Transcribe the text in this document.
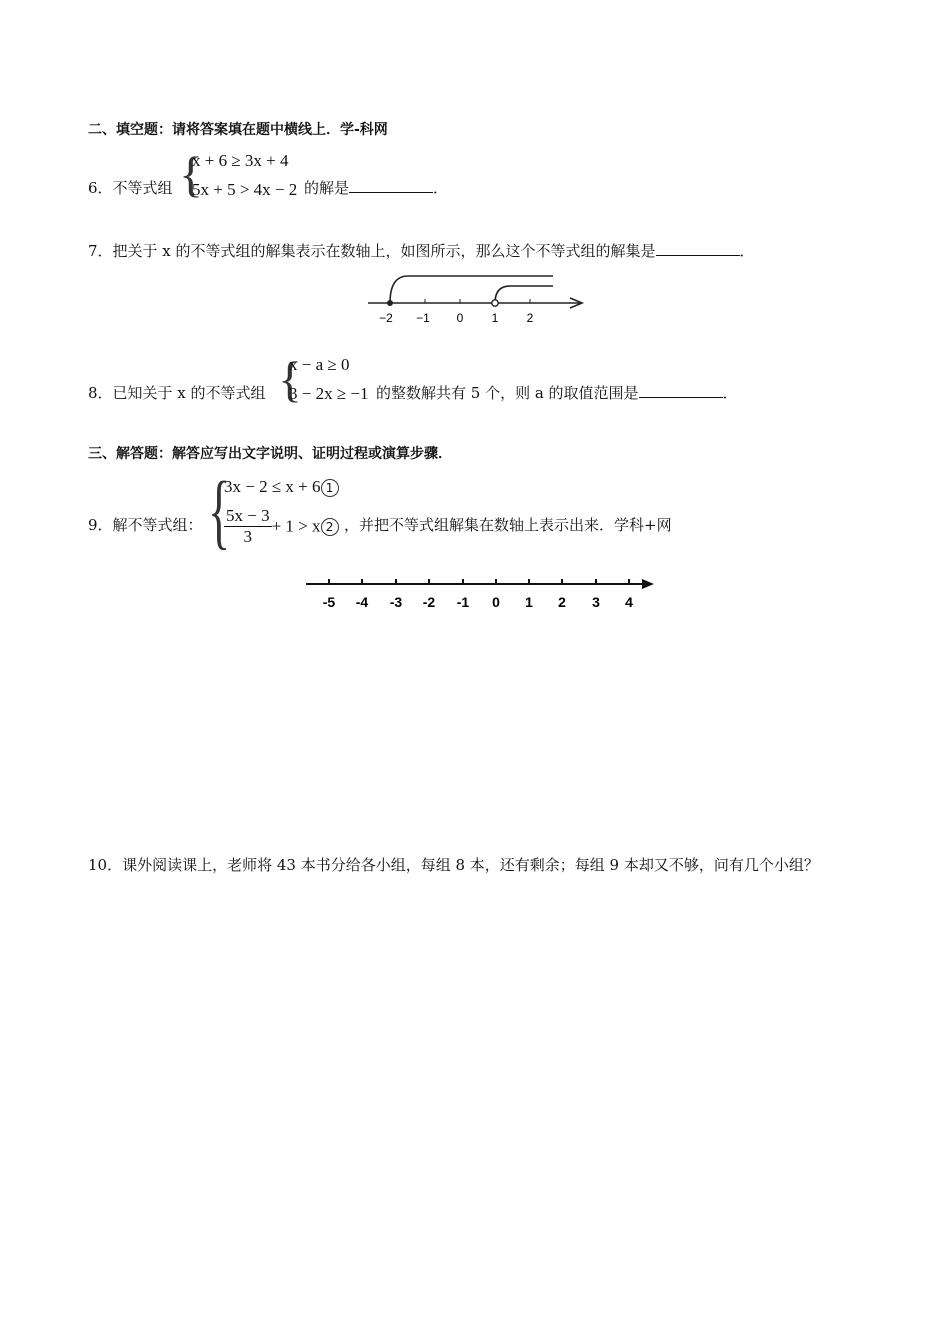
二、填空题：请将答案填在题中横线上．学-科网
6．不等式组 {
x + 6 ≥ 3x + 4
5x + 5 > 4x − 2 的解是	．
7．把关于 x 的不等式组的解集表示在数轴上，如图所示，那么这个不等式组的解集是	．
−2 −1 0 1 2
8．已知关于 x 的不等式组 {
x − a ≥ 0
3 − 2x ≥ −1 的整数解共有 5 个，则 a 的取值范围是	．
三、解答题：解答应写出文字说明、证明过程或演算步骤．
9．解不等式组： {
3x − 2 ≤ x + 6 1
$\frac{5x - 3}{3} + 1 > x$ 2 ，并把不等式组解集在数轴上表示出来．学科+网
-5 -4 -3 -2 -1 0 1 2 3 4
10．课外阅读课上，老师将 43 本书分给各小组，每组 8 本，还有剩余；每组 9 本却又不够，问有几个小组？
